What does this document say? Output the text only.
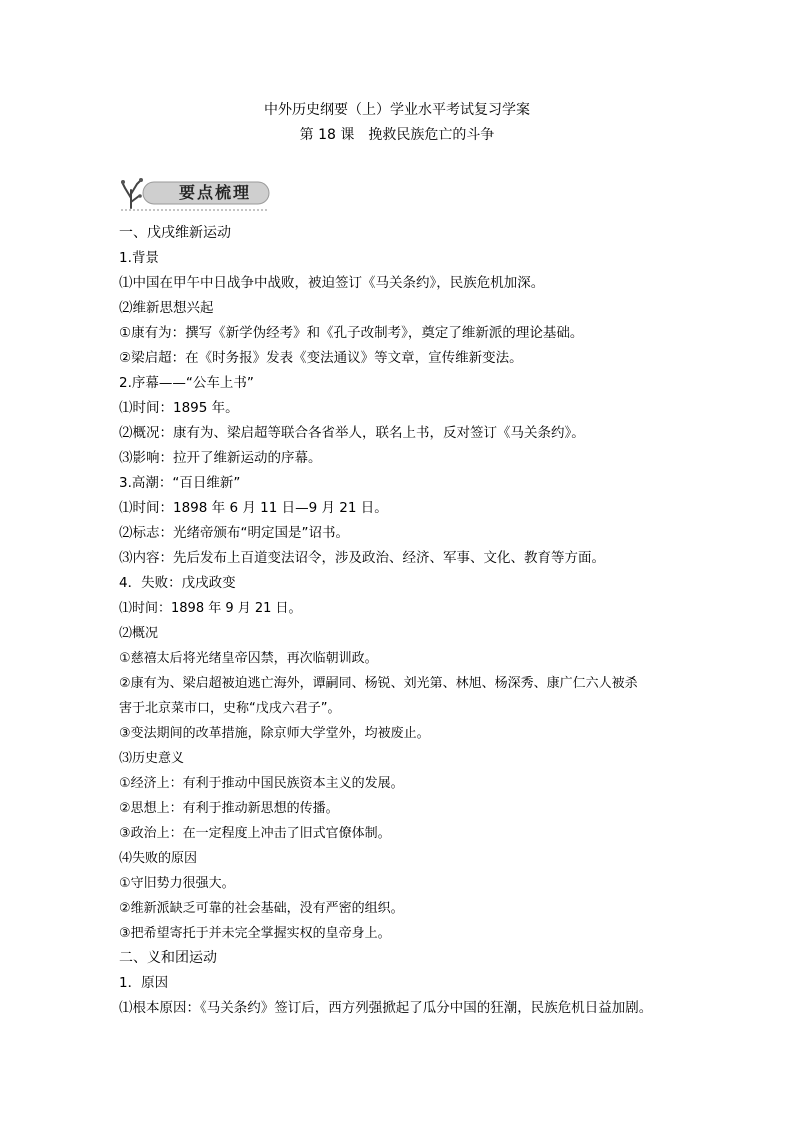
中外历史纲要（上）学业水平考试复习学案
第 18 课　挽救民族危亡的斗争
要点梳理
一、戊戌维新运动
1.背景
⑴中国在甲午中日战争中战败，被迫签订《马关条约》，民族危机加深。
⑵维新思想兴起
①康有为：撰写《新学伪经考》和《孔子改制考》，奠定了维新派的理论基础。
②梁启超：在《时务报》发表《变法通议》等文章，宣传维新变法。
2.序幕——“公车上书”
⑴时间：1895 年。
⑵概况：康有为、梁启超等联合各省举人，联名上书，反对签订《马关条约》。
⑶影响：拉开了维新运动的序幕。
3.高潮：“百日维新”
⑴时间：1898 年 6 月 11 日—9 月 21 日。
⑵标志：光绪帝颁布“明定国是”诏书。
⑶内容：先后发布上百道变法诏令，涉及政治、经济、军事、文化、教育等方面。
4．失败：戊戌政变
⑴时间：1898 年 9 月 21 日。
⑵概况
①慈禧太后将光绪皇帝囚禁，再次临朝训政。
②康有为、梁启超被迫逃亡海外，谭嗣同、杨锐、刘光第、林旭、杨深秀、康广仁六人被杀
害于北京菜市口，史称“戊戌六君子”。
③变法期间的改革措施，除京师大学堂外，均被废止。
⑶历史意义
①经济上：有利于推动中国民族资本主义的发展。
②思想上：有利于推动新思想的传播。
③政治上：在一定程度上冲击了旧式官僚体制。
⑷失败的原因
①守旧势力很强大。
②维新派缺乏可靠的社会基础，没有严密的组织。
③把希望寄托于并未完全掌握实权的皇帝身上。
二、义和团运动
1．原因
⑴根本原因：《马关条约》签订后，西方列强掀起了瓜分中国的狂潮，民族危机日益加剧。
